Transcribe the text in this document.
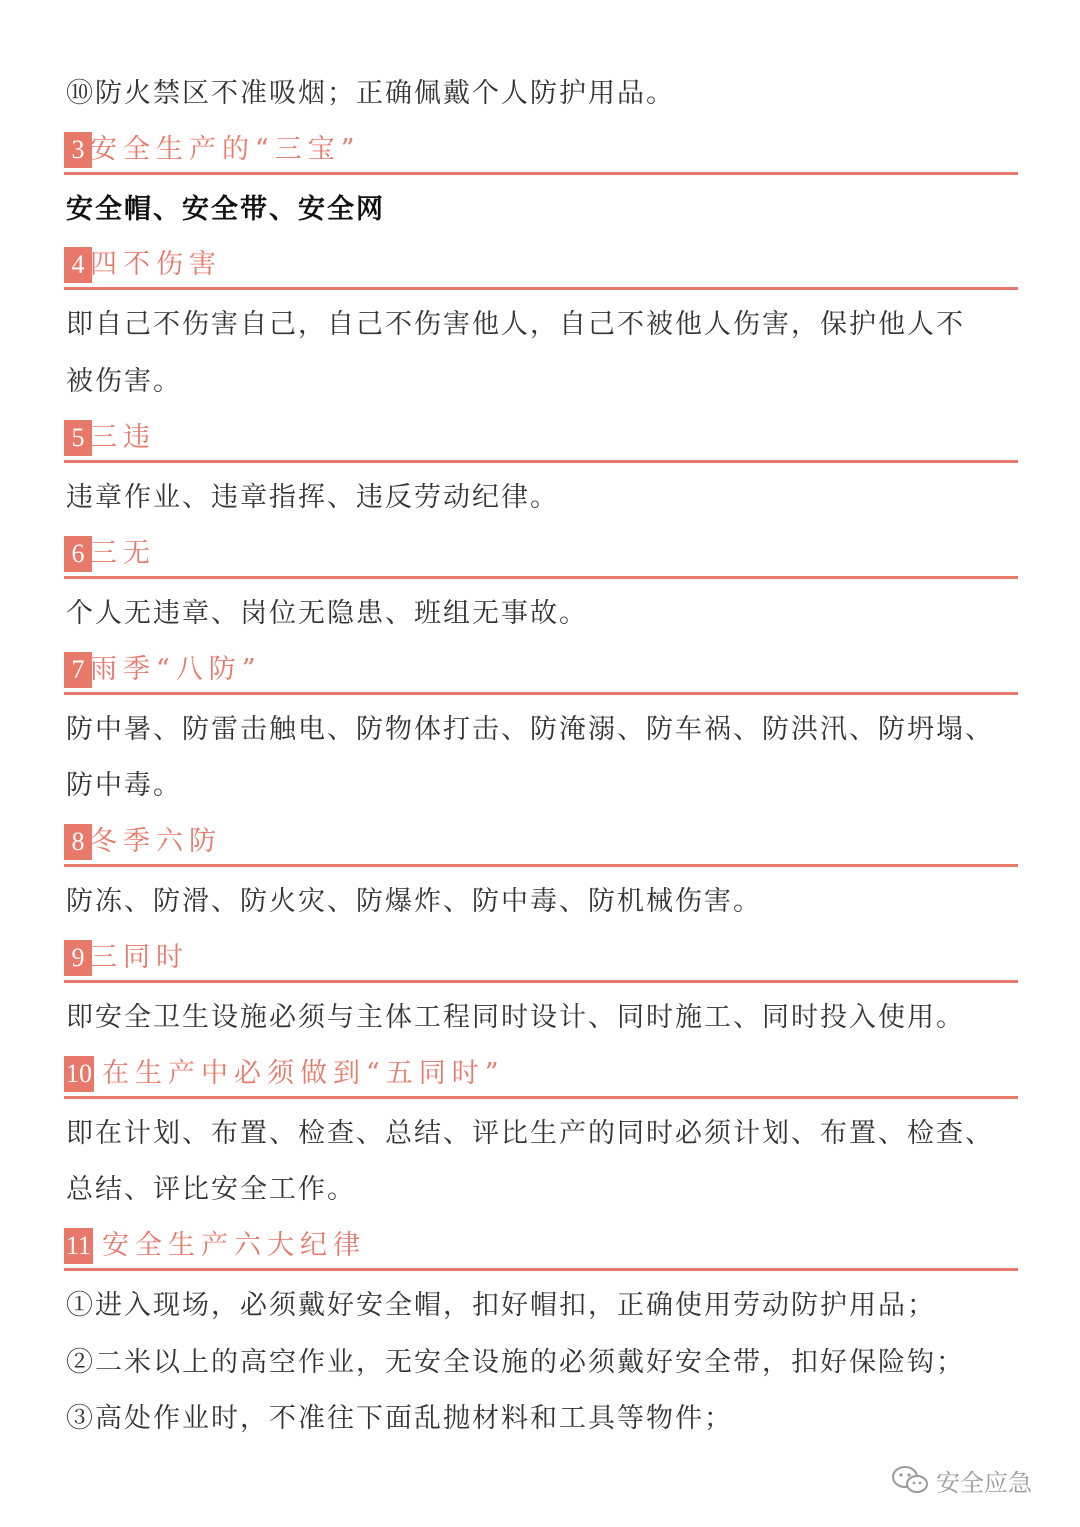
⑩防火禁区不准吸烟；正确佩戴个人防护用品。
3 安全生产的“三宝”
安全帽、安全带、安全网
4 四不伤害
即自己不伤害自己，自己不伤害他人，自己不被他人伤害，保护他人不
被伤害。
5 三违
违章作业、违章指挥、违反劳动纪律。
6 三无
个人无违章、岗位无隐患、班组无事故。
7 雨季“八防”
防中暑、防雷击触电、防物体打击、防淹溺、防车祸、防洪汛、防坍塌、
防中毒。
8 冬季六防
防冻、防滑、防火灾、防爆炸、防中毒、防机械伤害。
9 三同时
即安全卫生设施必须与主体工程同时设计、同时施工、同时投入使用。
10 在生产中必须做到“五同时”
即在计划、布置、检查、总结、评比生产的同时必须计划、布置、检查、
总结、评比安全工作。
11 安全生产六大纪律
①进入现场，必须戴好安全帽，扣好帽扣，正确使用劳动防护用品；
②二米以上的高空作业，无安全设施的必须戴好安全带，扣好保险钩；
③高处作业时，不准往下面乱抛材料和工具等物件；
安全应急
